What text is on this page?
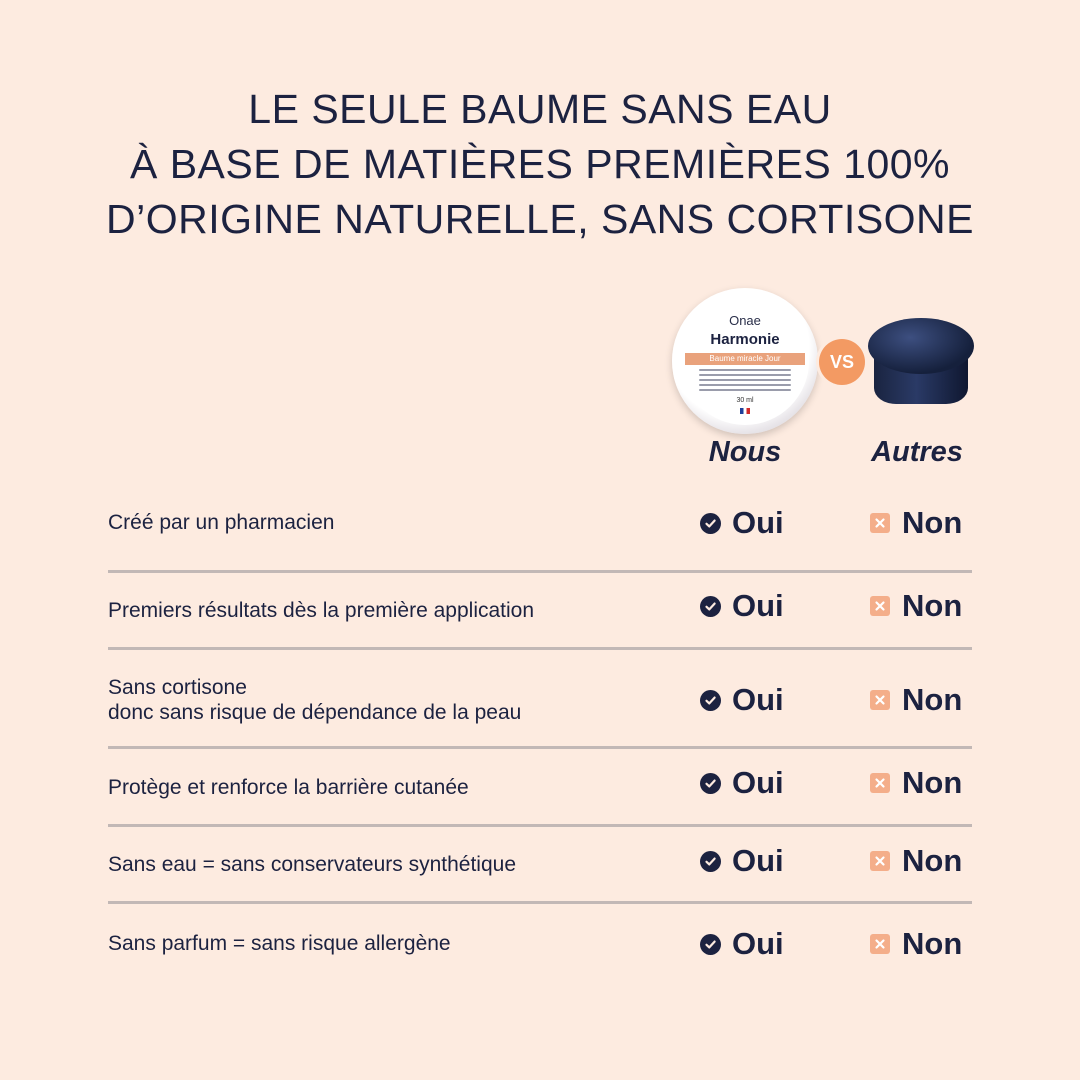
LE SEULE BAUME SANS EAU
À BASE DE MATIÈRES PREMIÈRES 100%
D’ORIGINE NATURELLE, SANS CORTISONE
Onae
Harmonie
Baume miracle Jour
30 ml
VS
Nous	Autres
Créé par un pharmacien	Oui	Non
Premiers résultats dès la première application	Oui	Non
Sans cortisone
donc sans risque de dépendance de la peau	Oui	Non
Protège et renforce la barrière cutanée	Oui	Non
Sans eau = sans conservateurs synthétique	Oui	Non
Sans parfum = sans risque allergène	Oui	Non
